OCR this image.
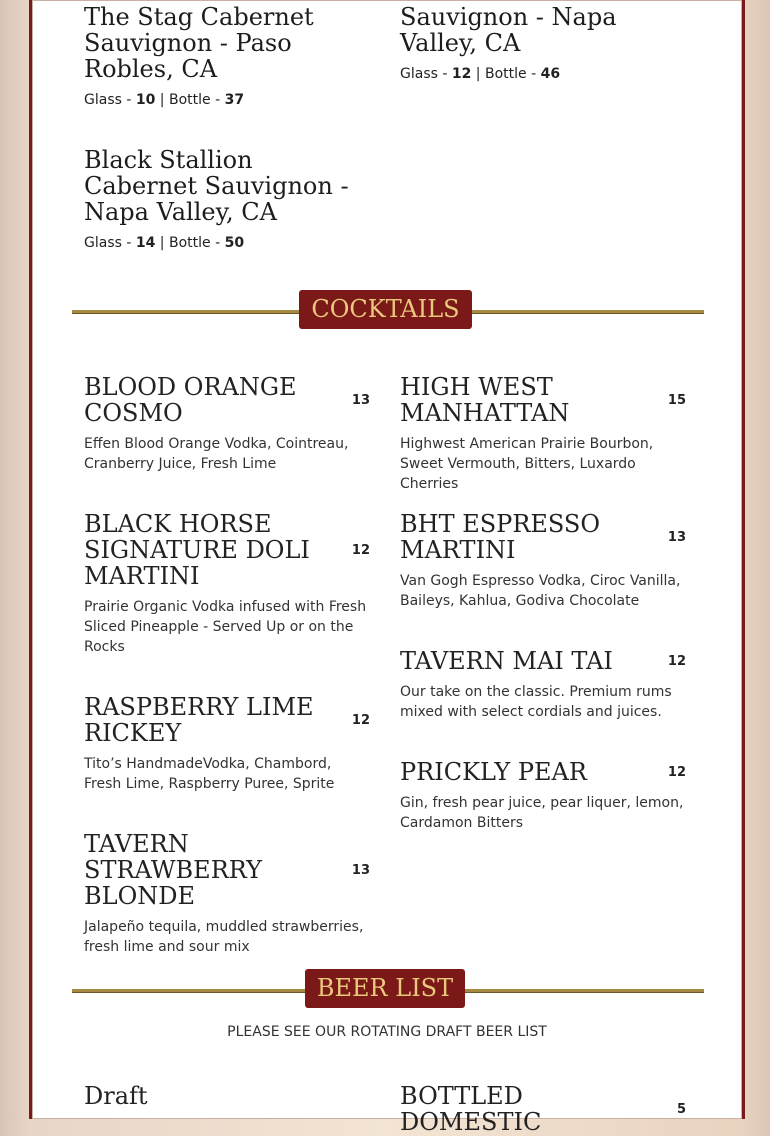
The Stag Cabernet Sauvignon - Paso Robles, CA
Glass - 10 | Bottle - 37
Sauvignon - Napa Valley, CA
Glass - 12 | Bottle - 46
Black Stallion Cabernet Sauvignon - Napa Valley, CA
Glass - 14 | Bottle - 50
COCKTAILS
BLOOD ORANGE COSMO	13
Effen Blood Orange Vodka, Cointreau, Cranberry Juice, Fresh Lime
BLACK HORSE SIGNATURE DOLI MARTINI
12
Prairie Organic Vodka infused with Fresh Sliced Pineapple - Served Up or on the Rocks
RASPBERRY LIME RICKEY	12
Tito’s HandmadeVodka, Chambord, Fresh Lime, Raspberry Puree, Sprite
TAVERN STRAWBERRY BLONDE
13
Jalapeño tequila, muddled strawberries, fresh lime and sour mix
HIGH WEST MANHATTAN	15
Highwest American Prairie Bourbon, Sweet Vermouth, Bitters, Luxardo Cherries
BHT ESPRESSO MARTINI	13
Van Gogh Espresso Vodka, Ciroc Vanilla, Baileys, Kahlua, Godiva Chocolate
TAVERN MAI TAI	12
Our take on the classic. Premium rums mixed with select cordials and juices.
PRICKLY PEAR	12
Gin, fresh pear juice, pear liquer, lemon, Cardamon Bitters
BEER LIST
PLEASE SEE OUR ROTATING DRAFT BEER LIST
Draft	BOTTLED DOMESTIC	5
